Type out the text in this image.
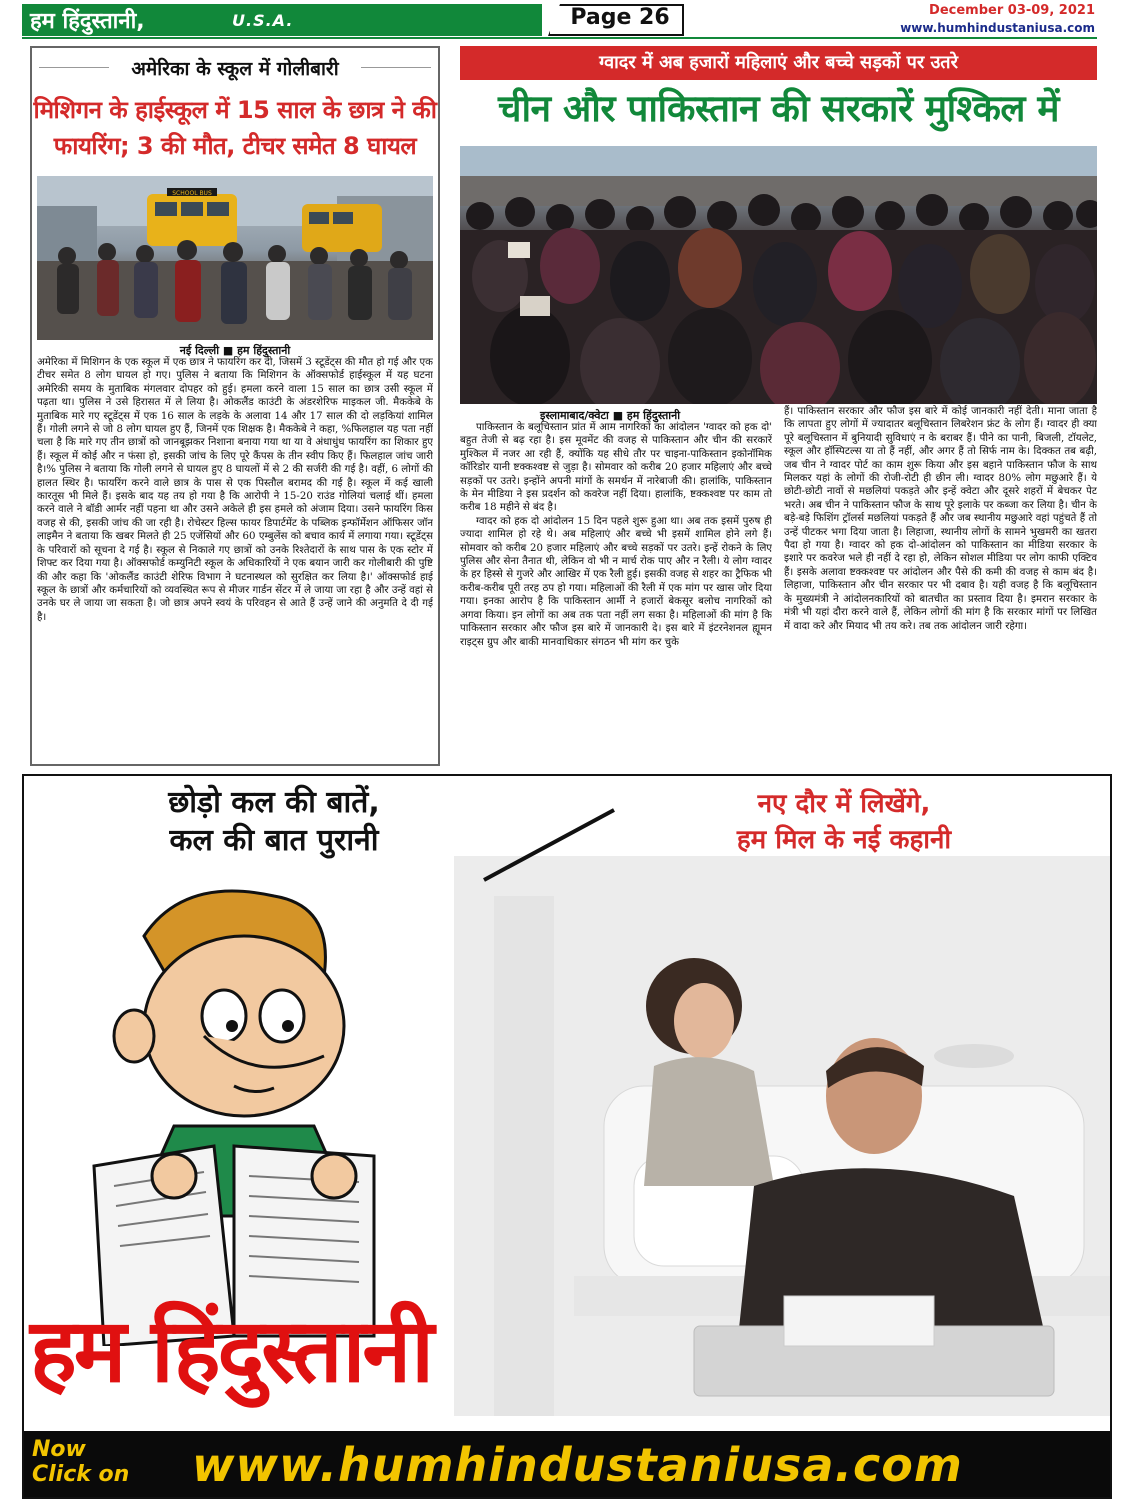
हम हिंदुस्तानी,	U.S.A.	Page 26	December 03-09, 2021
www.humhindustaniusa.com
अमेरिका के स्कूल में गोलीबारी
मिशिगन के हाईस्कूल में 15 साल के छात्र ने की फायरिंग; 3 की मौत, टीचर समेत 8 घायल
SCHOOL BUS
नई दिल्ली ■ हम हिंदुस्तानी
अमेरिका में मिशिगन के एक स्कूल में एक छात्र ने फायरिंग कर दी, जिसमें 3 स्टूडेंट्स की मौत हो गई और एक टीचर समेत 8 लोग घायल हो गए। पुलिस ने बताया कि मिशिगन के ऑक्सफोर्ड हाईस्कूल में यह घटना अमेरिकी समय के मुताबिक मंगलवार दोपहर को हुई। हमला करने वाला 15 साल का छात्र उसी स्कूल में पढ़ता था। पुलिस ने उसे हिरासत में ले लिया है। ओकलैंड काउंटी के अंडरशेरिफ माइकल जी. मैककेबे के मुताबिक मारे गए स्टूडेंट्स में एक 16 साल के लड़के के अलावा 14 और 17 साल की दो लड़कियां शामिल हैं। गोली लगने से जो 8 लोग घायल हुए हैं, जिनमें एक शिक्षक है। मैककेबे ने कहा, %फिलहाल यह पता नहीं चला है कि मारे गए तीन छात्रों को जानबूझकर निशाना बनाया गया था या वे अंधाधुंध फायरिंग का शिकार हुए हैं। स्कूल में कोई और न फंसा हो, इसकी जांच के लिए पूरे कैंपस के तीन स्वीप किए हैं। फिलहाल जांच जारी है।% पुलिस ने बताया कि गोली लगने से घायल हुए 8 घायलों में से 2 की सर्जरी की गई है। वहीं, 6 लोगों की हालत स्थिर है। फायरिंग करने वाले छात्र के पास से एक पिस्तौल बरामद की गई है। स्कूल में कई खाली कारतूस भी मिले हैं। इसके बाद यह तय हो गया है कि आरोपी ने 15-20 राउंड गोलियां चलाई थीं। हमला करने वाले ने बॉडी आर्मर नहीं पहना था और उसने अकेले ही इस हमले को अंजाम दिया। उसने फायरिंग किस वजह से की, इसकी जांच की जा रही है। रोचेस्टर हिल्स फायर डिपार्टमेंट के पब्लिक इन्फॉर्मेशन ऑफिसर जॉन लाइमैन ने बताया कि खबर मिलते ही 25 एजेंसियों और 60 एम्बुलेंस को बचाव कार्य में लगाया गया। स्टूडेंट्स के परिवारों को सूचना दे गई है। स्कूल से निकाले गए छात्रों को उनके रिश्तेदारों के साथ पास के एक स्टोर में शिफ्ट कर दिया गया है। ऑक्सफोर्ड कम्युनिटी स्कूल के अधिकारियों ने एक बयान जारी कर गोलीबारी की पुष्टि की और कहा कि 'ओकलैंड काउंटी शेरिफ विभाग ने घटनास्थल को सुरक्षित कर लिया है।' ऑक्सफोर्ड हाई स्कूल के छात्रों और कर्मचारियों को व्यवस्थित रूप से मीजर गार्डन सेंटर में ले जाया जा रहा है और उन्हें वहां से उनके घर ले जाया जा सकता है। जो छात्र अपने स्वयं के परिवहन से आते हैं उन्हें जाने की अनुमति दे दी गई है।
ग्वादर में अब हजारों महिलाएं और बच्चे सड़कों पर उतरे
चीन और पाकिस्तान की सरकारें मुश्किल में
इस्लामाबाद/क्वेटा ■ हम हिंदुस्तानी

पाकिस्तान के बलूचिस्तान प्रांत में आम नागरिकों का आंदोलन 'ग्वादर को हक दो' बहुत तेजी से बढ़ रहा है। इस मूवमेंट की वजह से पाकिस्तान और चीन की सरकारें मुश्किल में नजर आ रही हैं, क्योंकि यह सीधे तौर पर चाइना-पाकिस्तान इकोनॉमिक कॉरिडोर यानी ष्टक्कश्वष्ट से जुड़ा है। सोमवार को करीब 20 हजार महिलाएं और बच्चे सड़कों पर उतरे। इन्होंने अपनी मांगों के समर्थन में नारेबाजी की। हालांकि, पाकिस्तान के मेन मीडिया ने इस प्रदर्शन को कवरेज नहीं दिया। हालांकि, ष्टक्कश्वष्ट पर काम तो करीब 18 महीने से बंद है।

ग्वादर को हक दो आंदोलन 15 दिन पहले शुरू हुआ था। अब तक इसमें पुरुष ही ज्यादा शामिल हो रहे थे। अब महिलाएं और बच्चे भी इसमें शामिल होने लगे हैं। सोमवार को करीब 20 हजार महिलाएं और बच्चे सड़कों पर उतरे। इन्हें रोकने के लिए पुलिस और सेना तैनात थी, लेकिन वो भी न मार्च रोक पाए और न रैली। ये लोग ग्वादर के हर हिस्से से गुजरे और आखिर में एक रैली हुई। इसकी वजह से शहर का ट्रैफिक भी करीब-करीब पूरी तरह ठप हो गया। महिलाओं की रैली में एक मांग पर खास जोर दिया गया। इनका आरोप है कि पाकिस्तान आर्मी ने हजारों बेकसूर बलोच नागरिकों को अगवा किया। इन लोगों का अब तक पता नहीं लग सका है। महिलाओं की मांग है कि पाकिस्तान सरकार और फौज इस बारे में जानकारी दे। इस बारे में इंटरनेशनल ह्यूमन राइट्स ग्रुप और बाकी मानवाधिकार संगठन भी मांग कर चुके

हैं। पाकिस्तान सरकार और फौज इस बारे में कोई जानकारी नहीं देती। माना जाता है कि लापता हुए लोगों में ज्यादातर बलूचिस्तान लिबरेशन फ्रंट के लोग हैं। ग्वादर ही क्या पूरे बलूचिस्तान में बुनियादी सुविधाएं न के बराबर हैं। पीने का पानी, बिजली, टॉयलेट, स्कूल और हॉस्पिटल्स या तो हैं नहीं, और अगर हैं तो सिर्फ नाम के। दिक्कत तब बढ़ी, जब चीन ने ग्वादर पोर्ट का काम शुरू किया और इस बहाने पाकिस्तान फौज के साथ मिलकर यहां के लोगों की रोजी-रोटी ही छीन ली। ग्वादर 80% लोग मछुआरे हैं। ये छोटी-छोटी नावों से मछलियां पकड़ते और इन्हें क्वेटा और दूसरे शहरों में बेचकर पेट भरते। अब चीन ने पाकिस्तान फौज के साथ पूरे इलाके पर कब्जा कर लिया है। चीन के बड़े-बड़े फिशिंग ट्रॉलर्स मछलियां पकड़ते हैं और जब स्थानीय मछुआरे वहां पहुंचते हैं तो उन्हें पीटकर भगा दिया जाता है। लिहाजा, स्थानीय लोगों के सामने भुखमरी का खतरा पैदा हो गया है। ग्वादर को हक दो-आंदोलन को पाकिस्तान का मीडिया सरकार के इशारे पर कवरेज भले ही नहीं दे रहा हो, लेकिन सोशल मीडिया पर लोग काफी एक्टिव हैं। इसके अलावा ष्टक्कश्वष्ट पर आंदोलन और पैसे की कमी की वजह से काम बंद है। लिहाजा, पाकिस्तान और चीन सरकार पर भी दबाव है। यही वजह है कि बलूचिस्तान के मुख्यमंत्री ने आंदोलनकारियों को बातचीत का प्रस्ताव दिया है। इमरान सरकार के मंत्री भी यहां दौरा करने वाले हैं, लेकिन लोगों की मांग है कि सरकार मांगों पर लिखित में वादा करे और मियाद भी तय करे। तब तक आंदोलन जारी रहेगा।
छोड़ो कल की बातें,
कल की बात पुरानी
नए दौर में लिखेंगे,
हम मिल के नई कहानी
हम हिंदुस्तानी
Now
Click on www.humhindustaniusa.com
